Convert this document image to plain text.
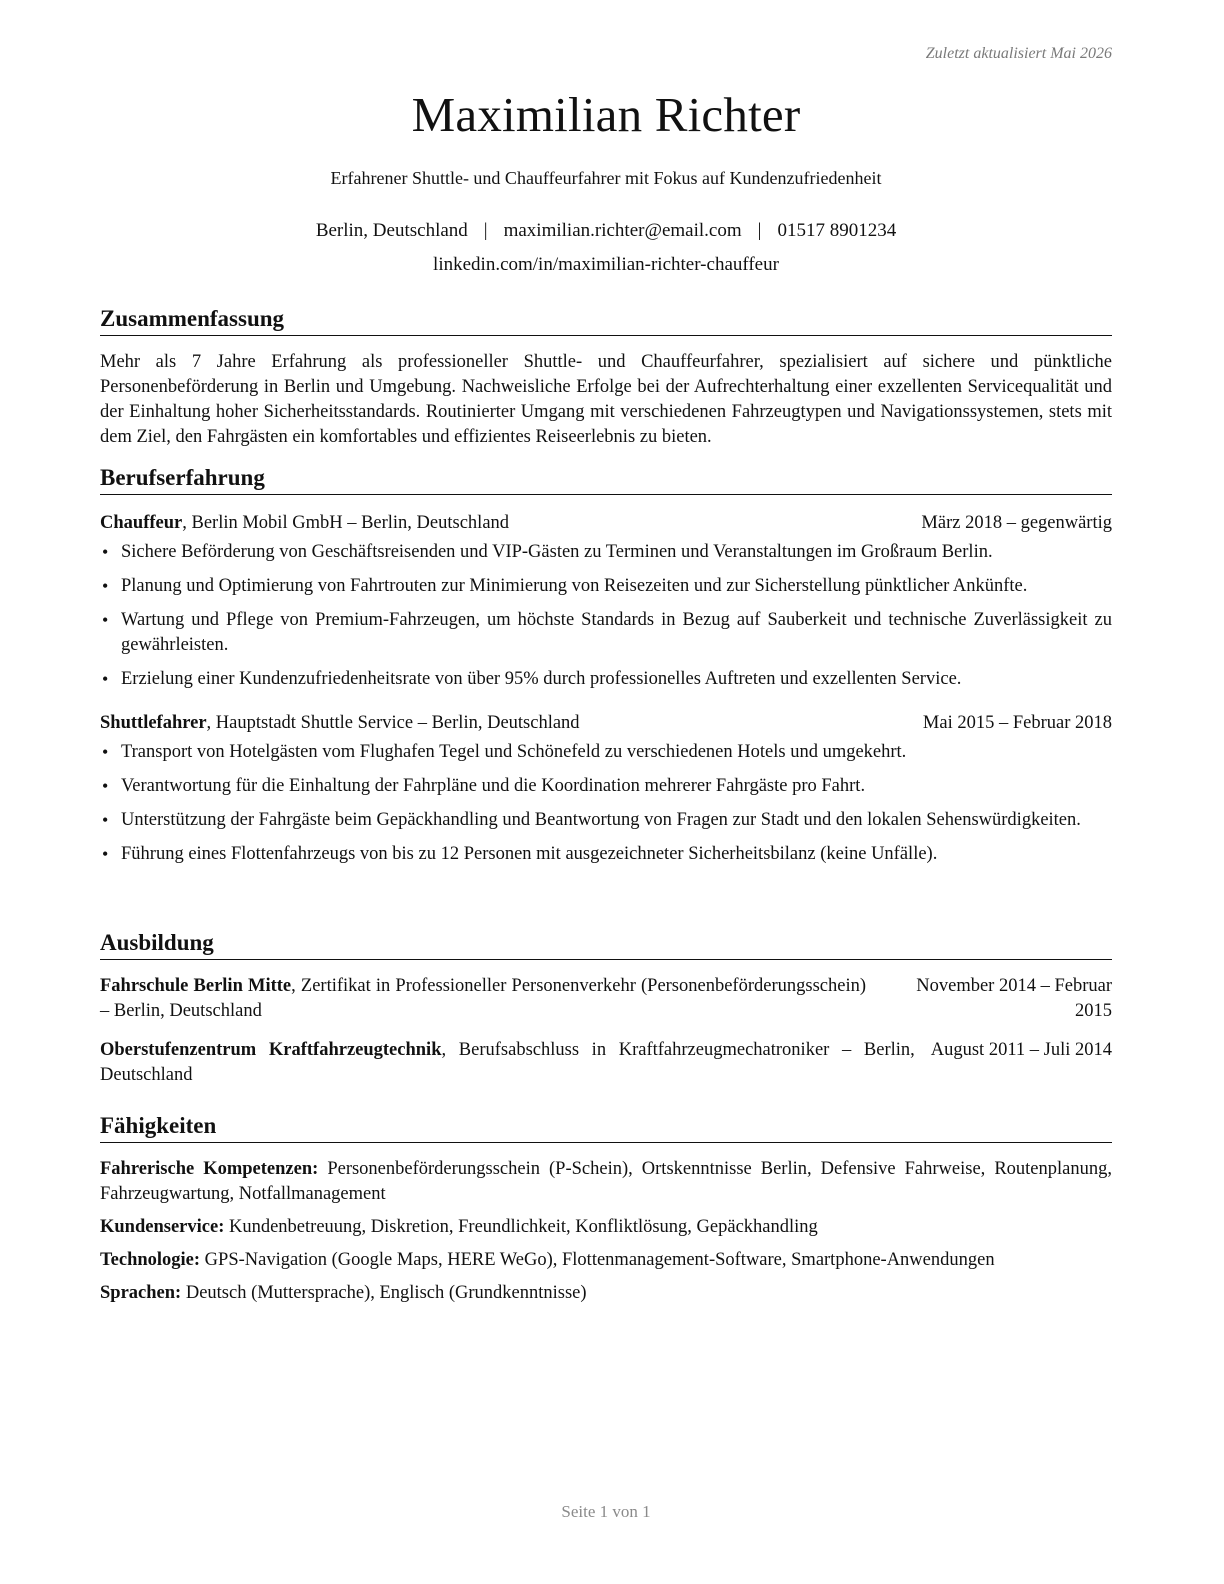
Zuletzt aktualisiert Mai 2026
Maximilian Richter
Erfahrener Shuttle- und Chauffeurfahrer mit Fokus auf Kundenzufriedenheit
Berlin, Deutschland | maximilian.richter@email.com | 01517 8901234
linkedin.com/in/maximilian-richter-chauffeur
Zusammenfassung
Mehr als 7 Jahre Erfahrung als professioneller Shuttle- und Chauffeurfahrer, spezialisiert auf sichere und pünktliche Personenbeförderung in Berlin und Umgebung. Nachweisliche Erfolge bei der Aufrechterhaltung einer exzellenten Servicequalität und der Einhaltung hoher Sicherheitsstandards. Routinierter Umgang mit verschiedenen Fahrzeugtypen und Navigationssystemen, stets mit dem Ziel, den Fahrgästen ein komfortables und effizientes Reiseerlebnis zu bieten.
Berufserfahrung
Chauffeur, Berlin Mobil GmbH – Berlin, Deutschland	März 2018 – gegenwärtig
• Sichere Beförderung von Geschäftsreisenden und VIP-Gästen zu Terminen und Veranstaltungen im Großraum Berlin.
• Planung und Optimierung von Fahrtrouten zur Minimierung von Reisezeiten und zur Sicherstellung pünktlicher Ankünfte.
• Wartung und Pflege von Premium-Fahrzeugen, um höchste Standards in Bezug auf Sauberkeit und technische Zuverlässigkeit zu gewährleisten.
• Erzielung einer Kundenzufriedenheitsrate von über 95% durch professionelles Auftreten und exzellenten Service.
Shuttlefahrer, Hauptstadt Shuttle Service – Berlin, Deutschland	Mai 2015 – Februar 2018
• Transport von Hotelgästen vom Flughafen Tegel und Schönefeld zu verschiedenen Hotels und umgekehrt.
• Verantwortung für die Einhaltung der Fahrpläne und die Koordination mehrerer Fahrgäste pro Fahrt.
• Unterstützung der Fahrgäste beim Gepäckhandling und Beantwortung von Fragen zur Stadt und den lokalen Sehenswürdigkeiten.
• Führung eines Flottenfahrzeugs von bis zu 12 Personen mit ausgezeichneter Sicherheitsbilanz (keine Unfälle).
Ausbildung
Fahrschule Berlin Mitte, Zertifikat in Professioneller Personenverkehr (Personenbeförderungsschein) – Berlin, Deutschland
November 2014 – Februar 2015
Oberstufenzentrum Kraftfahrzeugtechnik, Berufsabschluss in Kraftfahrzeugmechatroniker – Berlin, Deutschland
August 2011 – Juli 2014
Fähigkeiten
Fahrerische Kompetenzen: Personenbeförderungsschein (P-Schein), Ortskenntnisse Berlin, Defensive Fahrweise, Routenplanung, Fahrzeugwartung, Notfallmanagement
Kundenservice: Kundenbetreuung, Diskretion, Freundlichkeit, Konfliktlösung, Gepäckhandling
Technologie: GPS-Navigation (Google Maps, HERE WeGo), Flottenmanagement-Software, Smartphone-Anwendungen
Sprachen: Deutsch (Muttersprache), Englisch (Grundkenntnisse)
Seite 1 von 1
